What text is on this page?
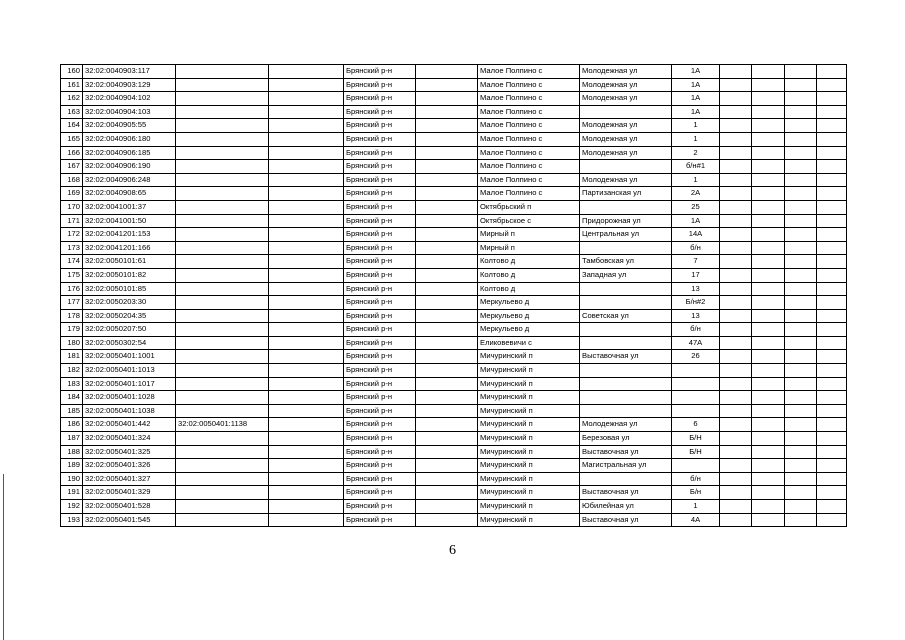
160	32:02:0040903:117			Брянский р-н		Малое Полпино с	Молодежная ул	1А				
161	32:02:0040903:129			Брянский р-н		Малое Полпино с	Молодежная ул	1А				
162	32:02:0040904:102			Брянский р-н		Малое Полпино с	Молодежная ул	1А				
163	32:02:0040904:103			Брянский р-н		Малое Полпино с		1А				
164	32:02:0040905:55			Брянский р-н		Малое Полпино с	Молодежная ул	1				
165	32:02:0040906:180			Брянский р-н		Малое Полпино с	Молодежная ул	1				
166	32:02:0040906:185			Брянский р-н		Малое Полпино с	Молодежная ул	2				
167	32:02:0040906:190			Брянский р-н		Малое Полпино с		б/н#1				
168	32:02:0040906:248			Брянский р-н		Малое Полпино с	Молодежная ул	1				
169	32:02:0040908:65			Брянский р-н		Малое Полпино с	Партизанская ул	2А				
170	32:02:0041001:37			Брянский р-н		Октябрьский п		25				
171	32:02:0041001:50			Брянский р-н		Октябрьское с	Придорожная ул	1А				
172	32:02:0041201:153			Брянский р-н		Мирный п	Центральная ул	14А				
173	32:02:0041201:166			Брянский р-н		Мирный п		б/н				
174	32:02:0050101:61			Брянский р-н		Колтово д	Тамбовская ул	7				
175	32:02:0050101:82			Брянский р-н		Колтово д	Западная ул	17				
176	32:02:0050101:85			Брянский р-н		Колтово д		13				
177	32:02:0050203:30			Брянский р-н		Меркульево д		Б/н#2				
178	32:02:0050204:35			Брянский р-н		Меркульево д	Советская ул	13				
179	32:02:0050207:50			Брянский р-н		Меркульево д		б/н				
180	32:02:0050302:54			Брянский р-н		Еликовевичи с		47А				
181	32:02:0050401:1001			Брянский р-н		Мичуринский п	Выставочная ул	26				
182	32:02:0050401:1013			Брянский р-н		Мичуринский п						
183	32:02:0050401:1017			Брянский р-н		Мичуринский п						
184	32:02:0050401:1028			Брянский р-н		Мичуринский п						
185	32:02:0050401:1038			Брянский р-н		Мичуринский п						
186	32:02:0050401:442	32:02:0050401:1138		Брянский р-н		Мичуринский п	Молодежная ул	6				
187	32:02:0050401:324			Брянский р-н		Мичуринский п	Березовая ул	Б/Н				
188	32:02:0050401:325			Брянский р-н		Мичуринский п	Выставочная ул	Б/Н				
189	32:02:0050401:326			Брянский р-н		Мичуринский п	Магистральная ул					
190	32:02:0050401:327			Брянский р-н		Мичуринский п		б/н				
191	32:02:0050401:329			Брянский р-н		Мичуринский п	Выставочная ул	Б/н				
192	32:02:0050401:528			Брянский р-н		Мичуринский п	Юбилейная ул	1				
193	32:02:0050401:545			Брянский р-н		Мичуринский п	Выставочная ул	4А				
6
